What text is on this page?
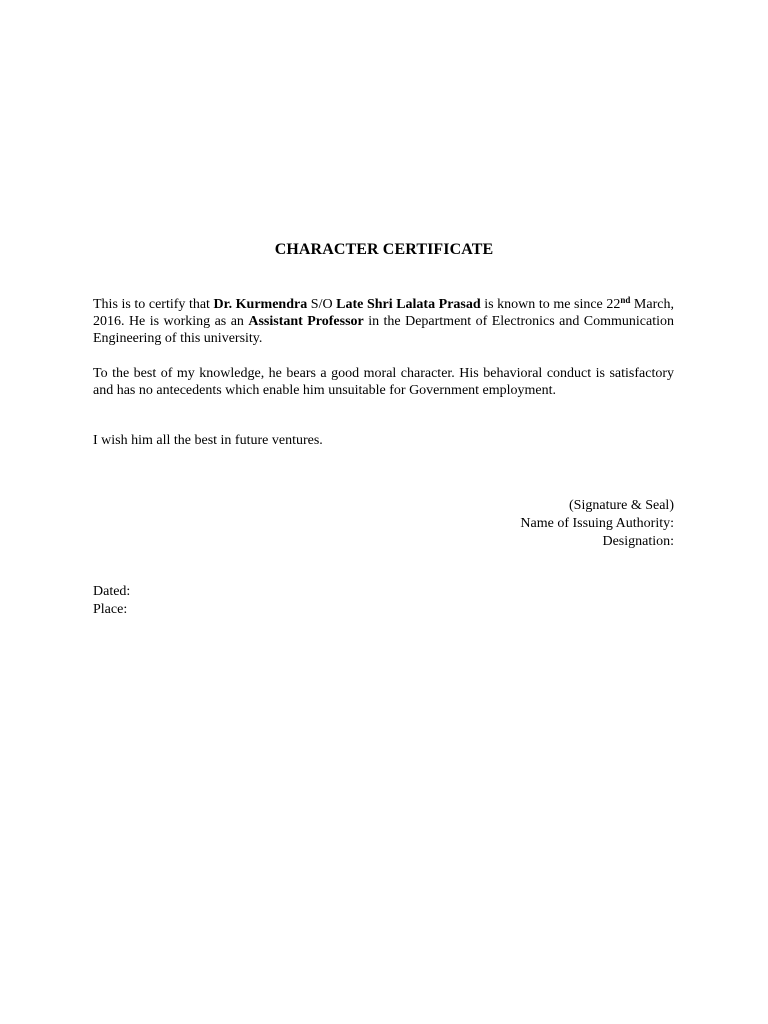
CHARACTER CERTIFICATE

This is to certify that Dr. Kurmendra S/O Late Shri Lalata Prasad is known to me since 22nd March, 2016. He is working as an Assistant Professor in the Department of Electronics and Communication Engineering of this university.

To the best of my knowledge, he bears a good moral character. His behavioral conduct is satisfactory and has no antecedents which enable him unsuitable for Government employment.

I wish him all the best in future ventures.

(Signature & Seal)
Name of Issuing Authority:
Designation:
Dated:
Place:
